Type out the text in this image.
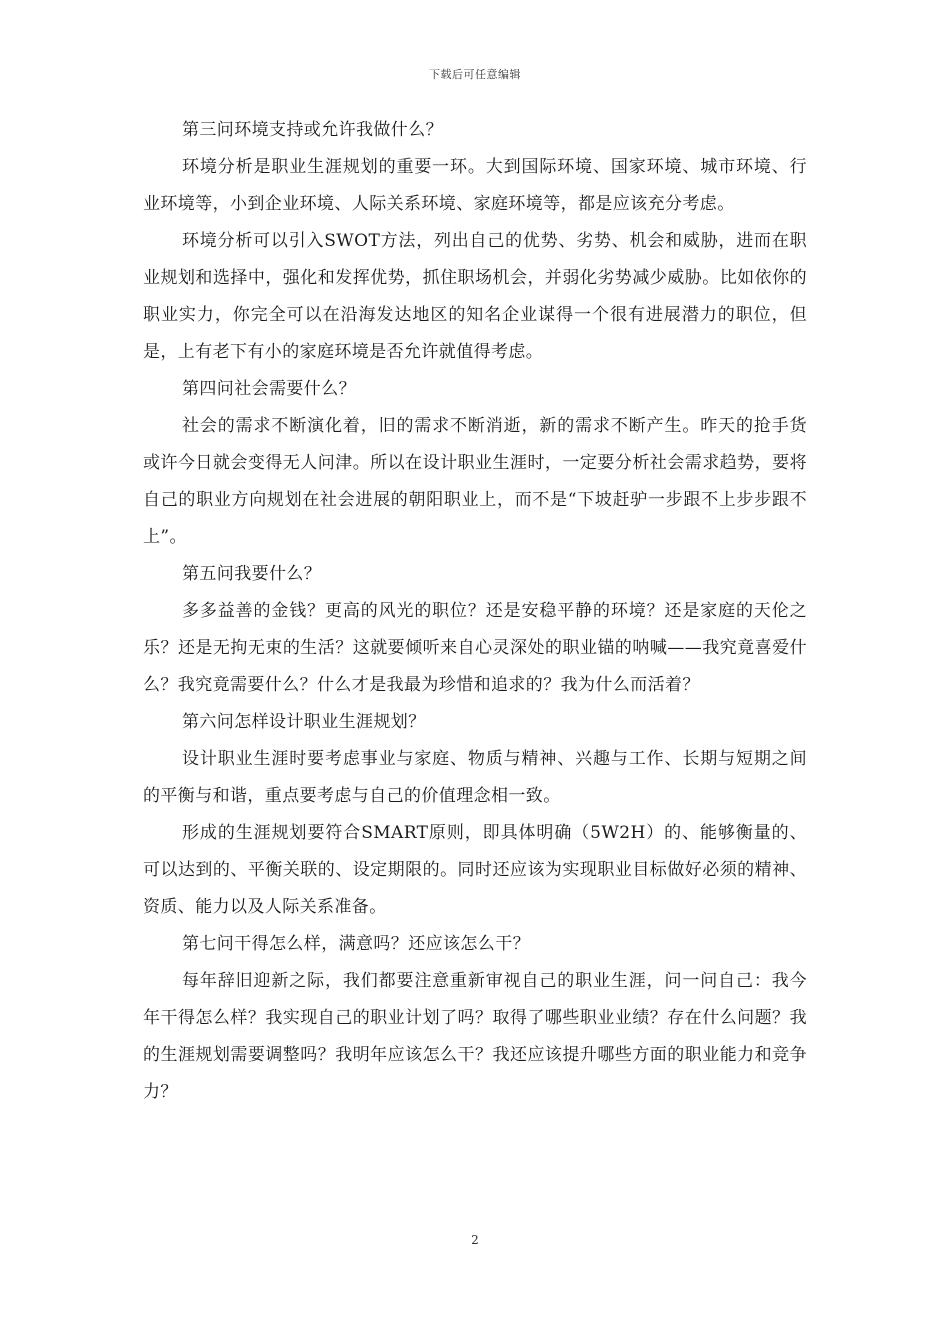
下载后可任意编辑

第三问环境支持或允许我做什么？

环境分析是职业生涯规划的重要一环。大到国际环境、国家环境、城市环境、行业环境等，小到企业环境、人际关系环境、家庭环境等，都是应该充分考虑。

环境分析可以引入SWOT方法，列出自己的优势、劣势、机会和威胁，进而在职业规划和选择中，强化和发挥优势，抓住职场机会，并弱化劣势减少威胁。比如依你的职业实力，你完全可以在沿海发达地区的知名企业谋得一个很有进展潜力的职位，但是，上有老下有小的家庭环境是否允许就值得考虑。

第四问社会需要什么？

社会的需求不断演化着，旧的需求不断消逝，新的需求不断产生。昨天的抢手货或许今日就会变得无人问津。所以在设计职业生涯时，一定要分析社会需求趋势，要将自己的职业方向规划在社会进展的朝阳职业上，而不是“下坡赶驴一步跟不上步步跟不上”。

第五问我要什么？

多多益善的金钱？更高的风光的职位？还是安稳平静的环境？还是家庭的天伦之乐？还是无拘无束的生活？这就要倾听来自心灵深处的职业锚的呐喊——我究竟喜爱什么？我究竟需要什么？什么才是我最为珍惜和追求的？我为什么而活着？

第六问怎样设计职业生涯规划？

设计职业生涯时要考虑事业与家庭、物质与精神、兴趣与工作、长期与短期之间的平衡与和谐，重点要考虑与自己的价值理念相一致。

形成的生涯规划要符合SMART原则，即具体明确（5W2H）的、能够衡量的、可以达到的、平衡关联的、设定期限的。同时还应该为实现职业目标做好必须的精神、资质、能力以及人际关系准备。

第七问干得怎么样，满意吗？还应该怎么干？

每年辞旧迎新之际，我们都要注意重新审视自己的职业生涯，问一问自己：我今年干得怎么样？我实现自己的职业计划了吗？取得了哪些职业业绩？存在什么问题？我的生涯规划需要调整吗？我明年应该怎么干？我还应该提升哪些方面的职业能力和竞争力？

2
